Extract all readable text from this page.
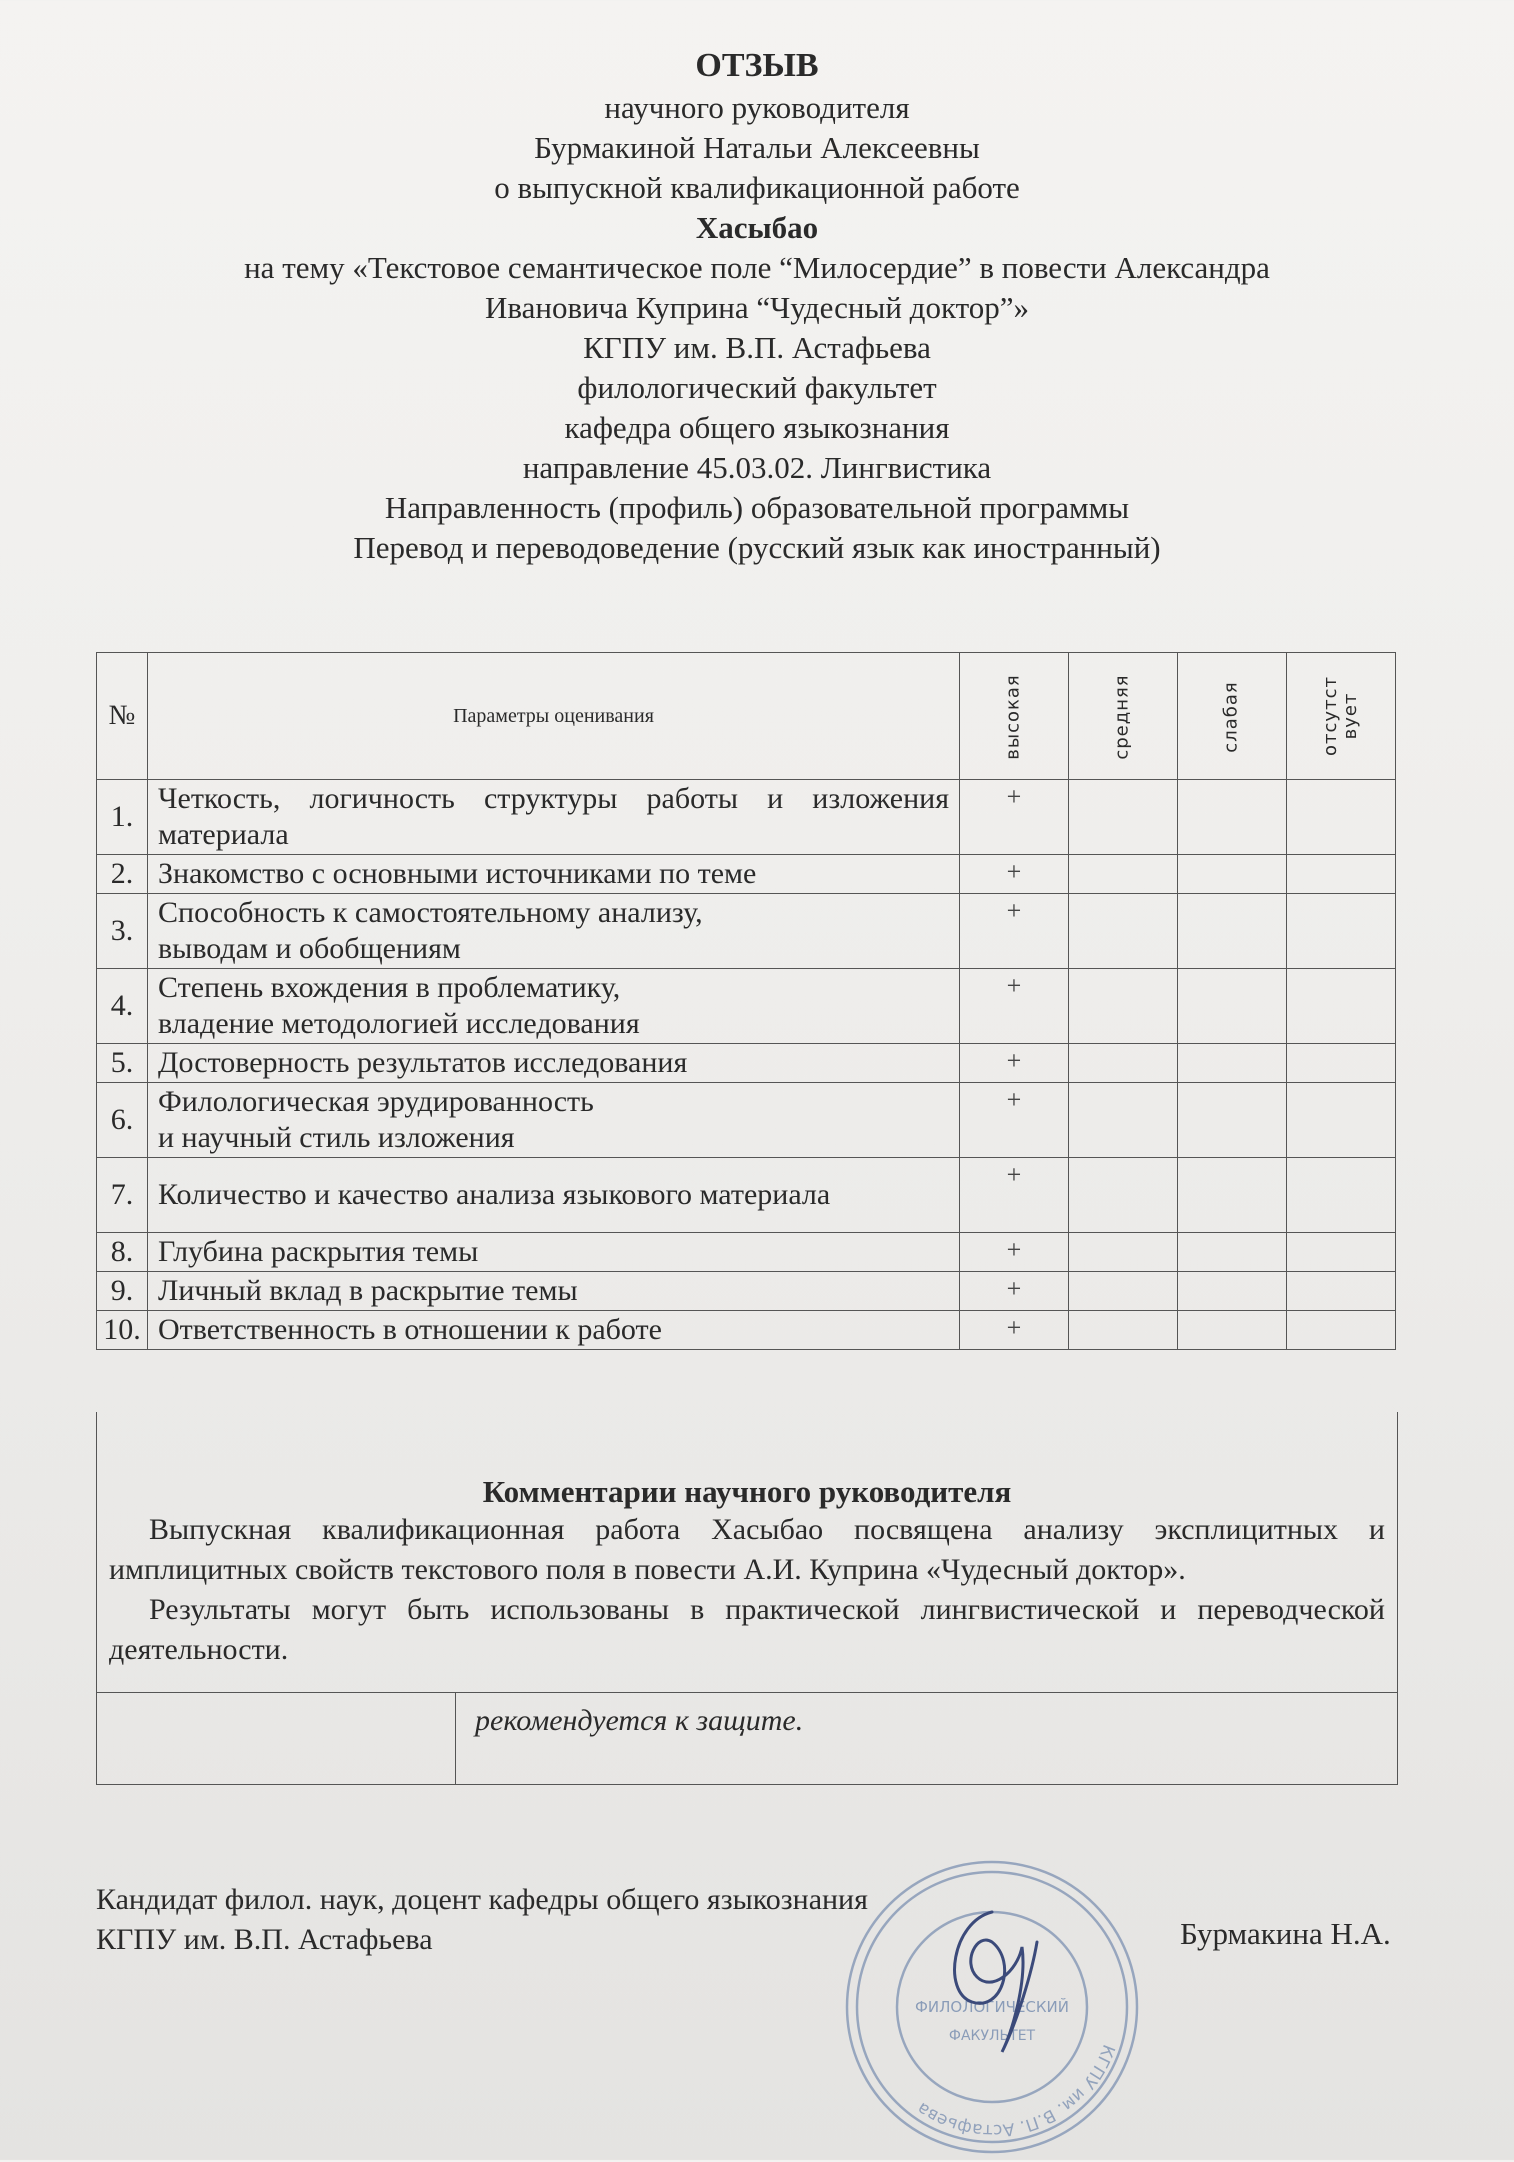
ОТЗЫВ
научного руководителя
Бурмакиной Натальи Алексеевны
о выпускной квалификационной работе
Хасыбао
на тему «Текстовое семантическое поле “Милосердие” в повести Александра
Ивановича Куприна “Чудесный доктор”»
КГПУ им. В.П. Астафьева
филологический факультет
кафедра общего языкознания
направление 45.03.02. Лингвистика
Направленность (профиль) образовательной программы
Перевод и переводоведение (русский язык как иностранный)
№	Параметры оценивания	высокая	средняя	слабая	отсутст
вует
1.	Четкость, логичность структуры работы и изложения материала	+			
2.	Знакомство с основными источниками по теме	+			
3.	Способность к самостоятельному анализу,
выводам и обобщениям	+			
4.	Степень вхождения в проблематику,
владение методологией исследования	+			
5.	Достоверность результатов исследования	+			
6.	Филологическая эрудированность
и научный стиль изложения	+			
7.	Количество и качество анализа языкового материала	+			
8.	Глубина раскрытия темы	+			
9.	Личный вклад в раскрытие темы	+			
10.	Ответственность в отношении к работе	+			
Комментарии научного руководителя

Выпускная квалификационная работа Хасыбао посвящена анализу эксплицитных и имплицитных свойств текстового поля в повести А.И. Куприна «Чудесный доктор».

Результаты могут быть использованы в практической лингвистической и переводческой деятельности.

рекомендуется к защите.
Кандидат филол. наук, доцент кафедры общего языкознания
КГПУ им. В.П. Астафьева
КГПУ им. В.П. Астафьева
ФИЛОЛОГИЧЕСКИЙ
ФАКУЛЬТЕТ
Бурмакина Н.А.
